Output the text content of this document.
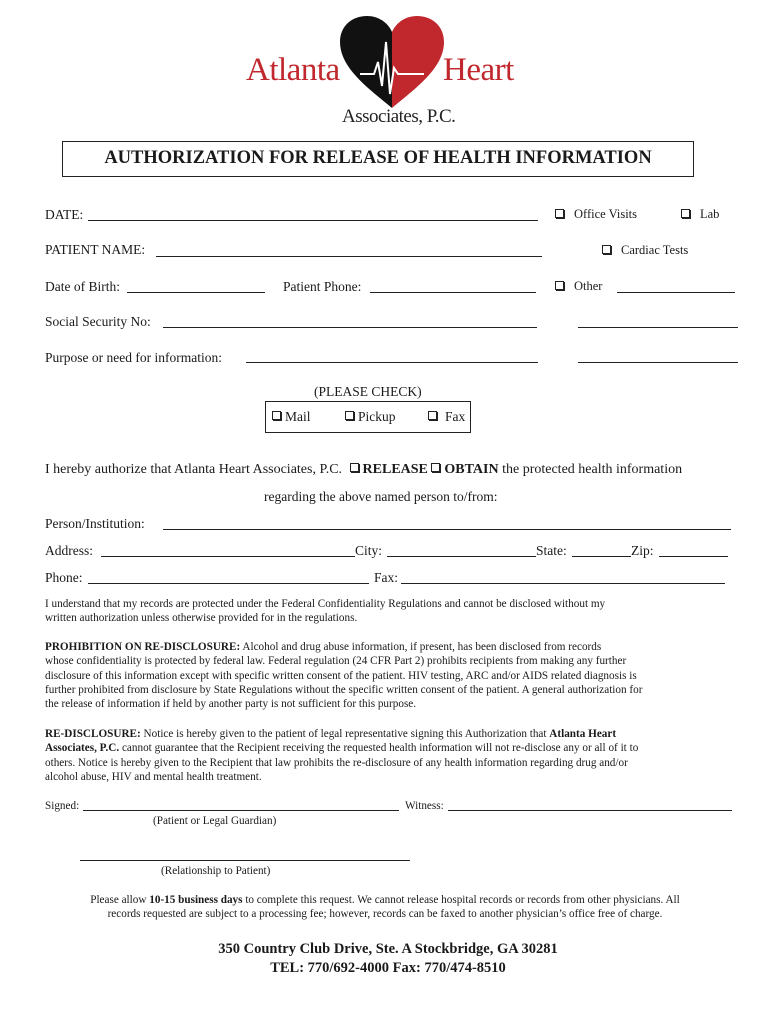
Atlanta	Heart
Associates, P.C.
AUTHORIZATION FOR RELEASE OF HEALTH INFORMATION
DATE:
PATIENT NAME:
Date of Birth:	Patient Phone:
Social Security No:
Purpose or need for information:
Office Visits	Lab
Cardiac Tests
Other
(PLEASE CHECK)
Mail	Pickup	Fax
I hereby authorize that Atlanta Heart Associates, P.C. RELEASE OBTAIN the protected health information
regarding the above named person to/from:
Person/Institution:
Address:	City:	State:	Zip:
Phone:	Fax:
I understand that my records are protected under the Federal Confidentiality Regulations and cannot be disclosed without my
written authorization unless otherwise provided for in the regulations.
PROHIBITION ON RE-DISCLOSURE: Alcohol and drug abuse information, if present, has been disclosed from records
whose confidentiality is protected by federal law. Federal regulation (24 CFR Part 2) prohibits recipients from making any further
disclosure of this information except with specific written consent of the patient. HIV testing, ARC and/or AIDS related diagnosis is
further prohibited from disclosure by State Regulations without the specific written consent of the patient. A general authorization for
the release of information if held by another party is not sufficient for this purpose.
RE-DISCLOSURE: Notice is hereby given to the patient of legal representative signing this Authorization that Atlanta Heart
Associates, P.C. cannot guarantee that the Recipient receiving the requested health information will not re-disclose any or all of it to
others. Notice is hereby given to the Recipient that law prohibits the re-disclosure of any health information regarding drug and/or
alcohol abuse, HIV and mental health treatment.
Signed:	Witness:
(Patient or Legal Guardian)
(Relationship to Patient)
Please allow 10-15 business days to complete this request. We cannot release hospital records or records from other physicians. All
records requested are subject to a processing fee; however, records can be faxed to another physician’s office free of charge.
350 Country Club Drive, Ste. A Stockbridge, GA 30281
TEL: 770/692-4000 Fax: 770/474-8510
